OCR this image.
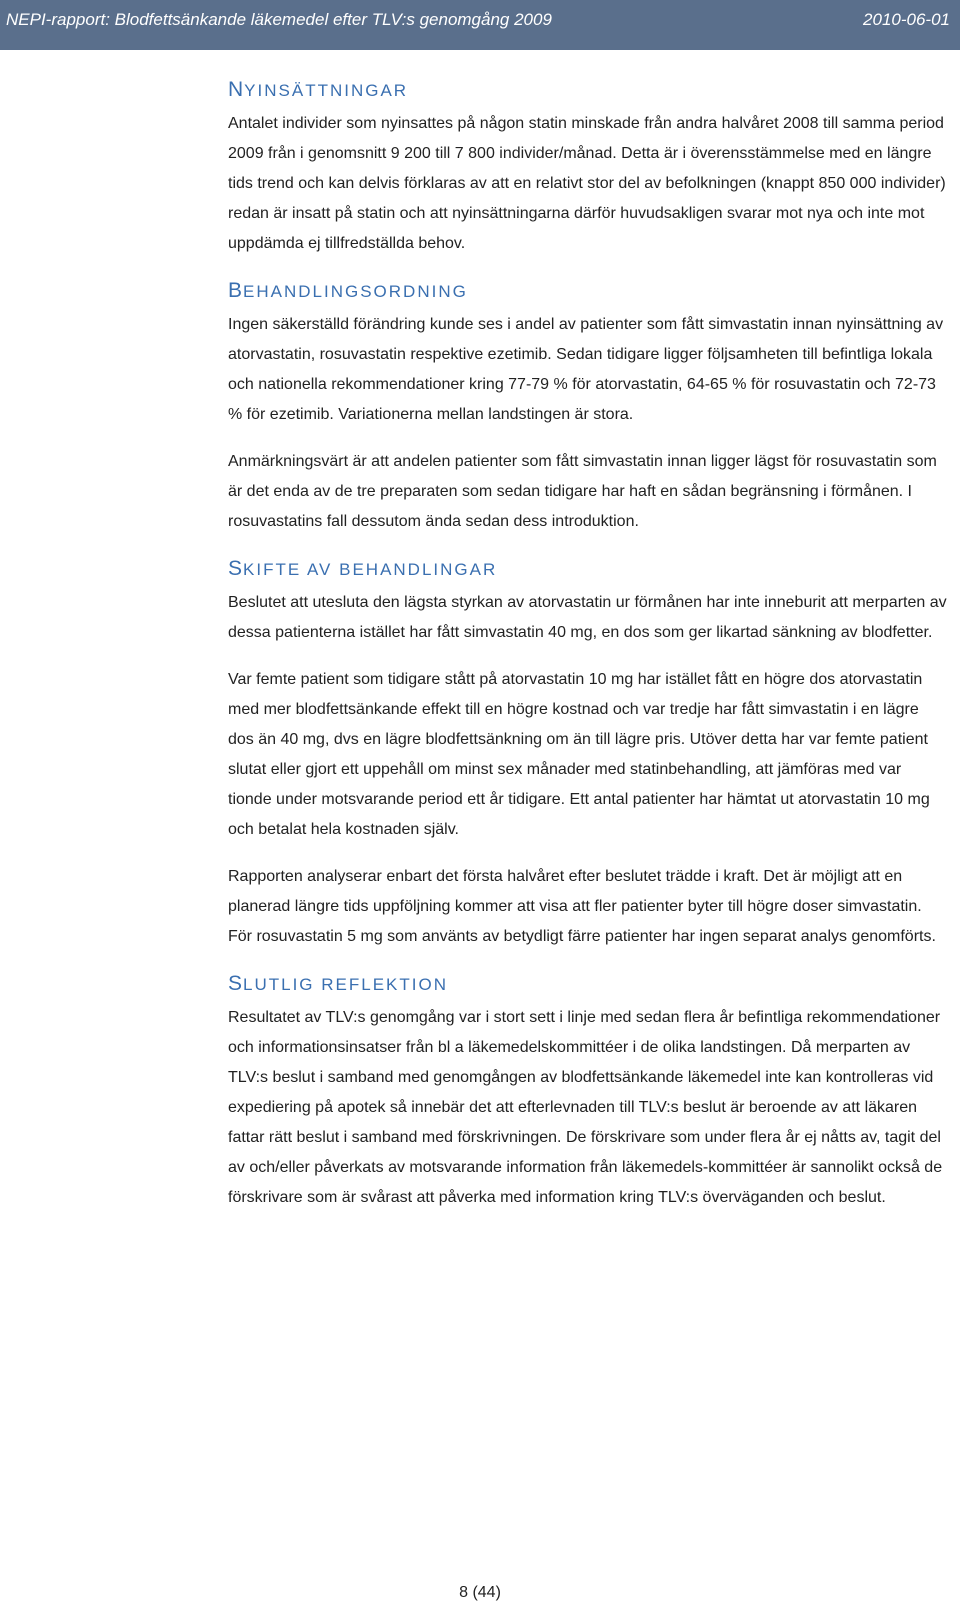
NEPI-rapport: Blodfettsänkande läkemedel efter TLV:s genomgång 2009	2010-06-01
NYINSÄTTNINGAR

Antalet individer som nyinsattes på någon statin minskade från andra halvåret 2008 till samma period 2009 från i genomsnitt 9 200 till 7 800 individer/månad. Detta är i överensstämmelse med en längre tids trend och kan delvis förklaras av att en relativt stor del av befolkningen (knappt 850 000 individer) redan är insatt på statin och att nyinsättningarna därför huvudsakligen svarar mot nya och inte mot uppdämda ej tillfredställda behov.

BEHANDLINGSORDNING

Ingen säkerställd förändring kunde ses i andel av patienter som fått simvastatin innan nyinsättning av atorvastatin, rosuvastatin respektive ezetimib. Sedan tidigare ligger följsamheten till befintliga lokala och nationella rekommendationer kring 77-79 % för atorvastatin, 64-65 % för rosuvastatin och 72-73 % för ezetimib. Variationerna mellan landstingen är stora.

Anmärkningsvärt är att andelen patienter som fått simvastatin innan ligger lägst för rosuvastatin som är det enda av de tre preparaten som sedan tidigare har haft en sådan begränsning i förmånen. I rosuvastatins fall dessutom ända sedan dess introduktion.

SKIFTE AV BEHANDLINGAR

Beslutet att utesluta den lägsta styrkan av atorvastatin ur förmånen har inte inneburit att merparten av dessa patienterna istället har fått simvastatin 40 mg, en dos som ger likartad sänkning av blodfetter.

Var femte patient som tidigare stått på atorvastatin 10 mg har istället fått en högre dos atorvastatin med mer blodfettsänkande effekt till en högre kostnad och var tredje har fått simvastatin i en lägre dos än 40 mg, dvs en lägre blodfettsänkning om än till lägre pris. Utöver detta har var femte patient slutat eller gjort ett uppehåll om minst sex månader med statinbehandling, att jämföras med var tionde under motsvarande period ett år tidigare. Ett antal patienter har hämtat ut atorvastatin 10 mg och betalat hela kostnaden själv.

Rapporten analyserar enbart det första halvåret efter beslutet trädde i kraft. Det är möjligt att en planerad längre tids uppföljning kommer att visa att fler patienter byter till högre doser simvastatin. För rosuvastatin 5 mg som använts av betydligt färre patienter har ingen separat analys genomförts.

SLUTLIG REFLEKTION

Resultatet av TLV:s genomgång var i stort sett i linje med sedan flera år befintliga rekommendationer och informationsinsatser från bl a läkemedelskommittéer i de olika landstingen. Då merparten av TLV:s beslut i samband med genomgången av blodfettsänkande läkemedel inte kan kontrolleras vid expediering på apotek så innebär det att efterlevnaden till TLV:s beslut är beroende av att läkaren fattar rätt beslut i samband med förskrivningen. De förskrivare som under flera år ej nåtts av, tagit del av och/eller påverkats av motsvarande information från läkemedels-kommittéer är sannolikt också de förskrivare som är svårast att påverka med information kring TLV:s överväganden och beslut.

8 (44)
